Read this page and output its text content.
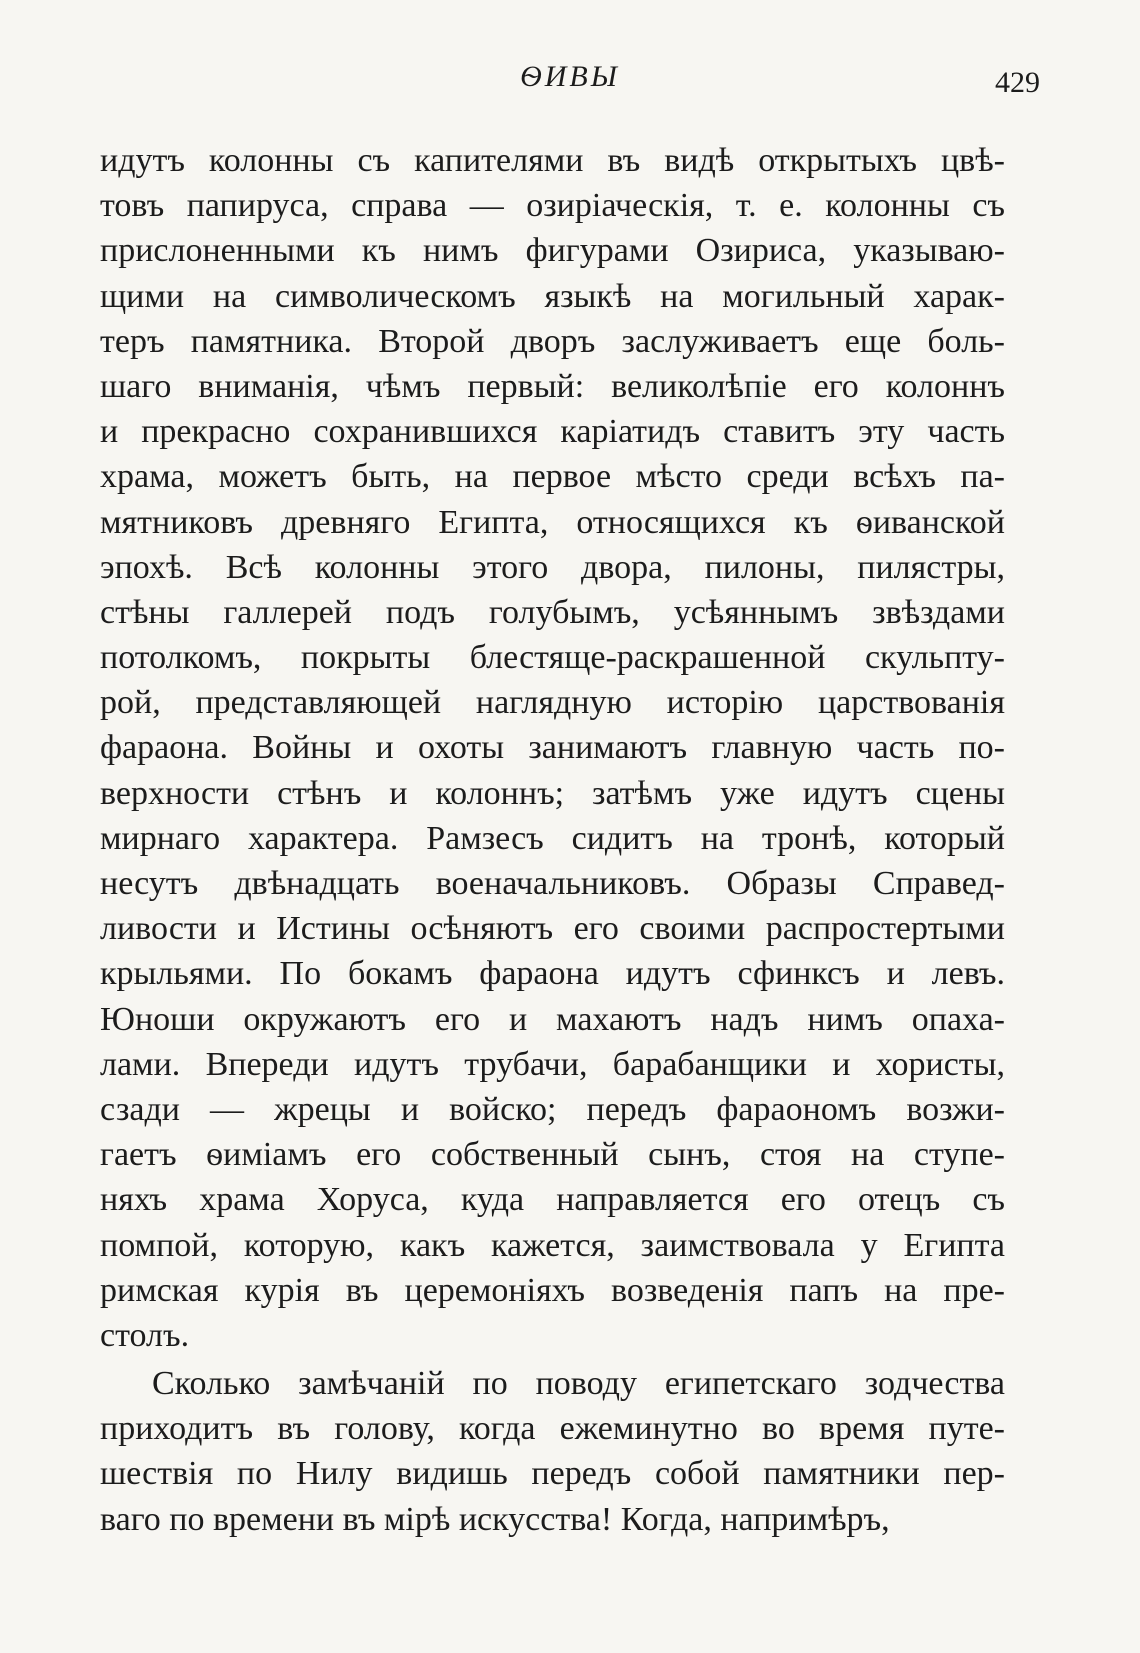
ѲИВЫ	429
идутъ колонны съ капителями въ видѣ открытыхъ цвѣ-
товъ папируса, справа — озиріаческія, т. е. колонны съ
прислоненными къ нимъ фигурами Озириса, указываю-
щими на символическомъ языкѣ на могильный харак-
теръ памятника. Второй дворъ заслуживаетъ еще боль-
шаго вниманія, чѣмъ первый: великолѣпіе его колоннъ
и прекрасно сохранившихся каріатидъ ставитъ эту часть
храма, можетъ быть, на первое мѣсто среди всѣхъ па-
мятниковъ древняго Египта, относящихся къ ѳиванской
эпохѣ. Всѣ колонны этого двора, пилоны, пилястры,
стѣны галлерей подъ голубымъ, усѣяннымъ звѣздами
потолкомъ, покрыты блестяще-раскрашенной скульпту-
рой, представляющей наглядную исторію царствованія
фараона. Войны и охоты занимаютъ главную часть по-
верхности стѣнъ и колоннъ; затѣмъ уже идутъ сцены
мирнаго характера. Рамзесъ сидитъ на тронѣ, который
несутъ двѣнадцать военачальниковъ. Образы Справед-
ливости и Истины осѣняютъ его своими распростертыми
крыльями. По бокамъ фараона идутъ сфинксъ и левъ.
Юноши окружаютъ его и махаютъ надъ нимъ опаха-
лами. Впереди идутъ трубачи, барабанщики и хористы,
сзади — жрецы и войско; передъ фараономъ возжи-
гаетъ ѳиміамъ его собственный сынъ, стоя на ступе-
няхъ храма Хоруса, куда направляется его отецъ съ
помпой, которую, какъ кажется, заимствовала у Египта
римская курія въ церемоніяхъ возведенія папъ на пре-
столъ.
Сколько замѣчаній по поводу египетскаго зодчества
приходитъ въ голову, когда ежеминутно во время путе-
шествія по Нилу видишь передъ собой памятники пер-
ваго по времени въ мірѣ искусства! Когда, напримѣръ,
